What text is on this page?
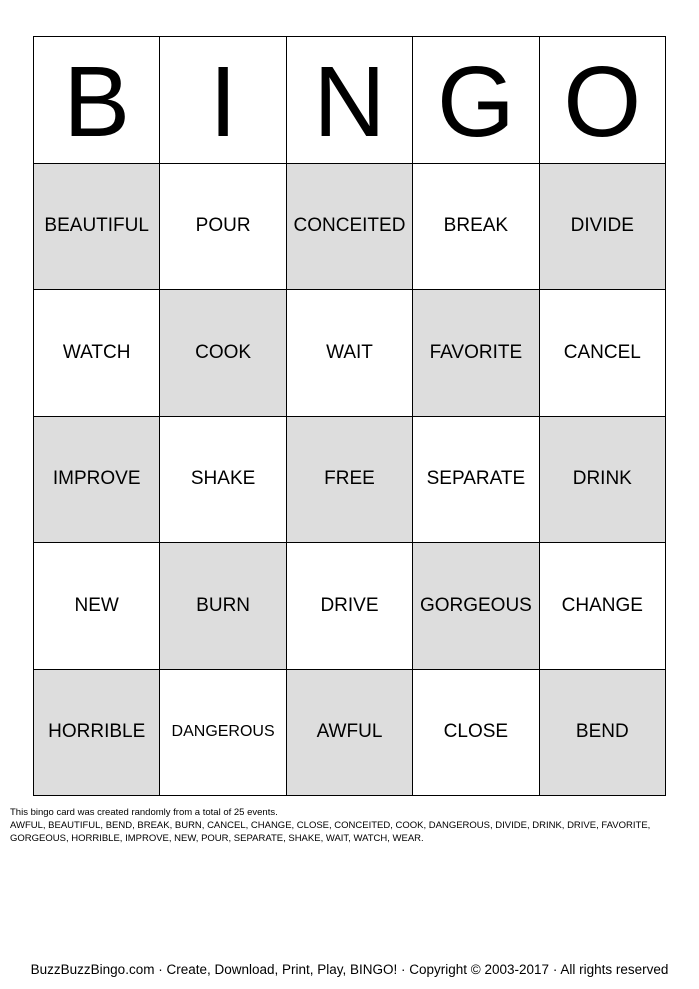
B I N G O
BEAUTIFUL	POUR	CONCEITED	BREAK	DIVIDE
WATCH	COOK	WAIT	FAVORITE	CANCEL
IMPROVE	SHAKE	FREE	SEPARATE	DRINK
NEW	BURN	DRIVE	GORGEOUS	CHANGE
HORRIBLE	DANGEROUS	AWFUL	CLOSE	BEND
This bingo card was created randomly from a total of 25 events.
AWFUL, BEAUTIFUL, BEND, BREAK, BURN, CANCEL, CHANGE, CLOSE, CONCEITED, COOK, DANGEROUS, DIVIDE, DRINK, DRIVE, FAVORITE, GORGEOUS, HORRIBLE, IMPROVE, NEW, POUR, SEPARATE, SHAKE, WAIT, WATCH, WEAR.
BuzzBuzzBingo.com · Create, Download, Print, Play, BINGO! · Copyright © 2003-2017 · All rights reserved
